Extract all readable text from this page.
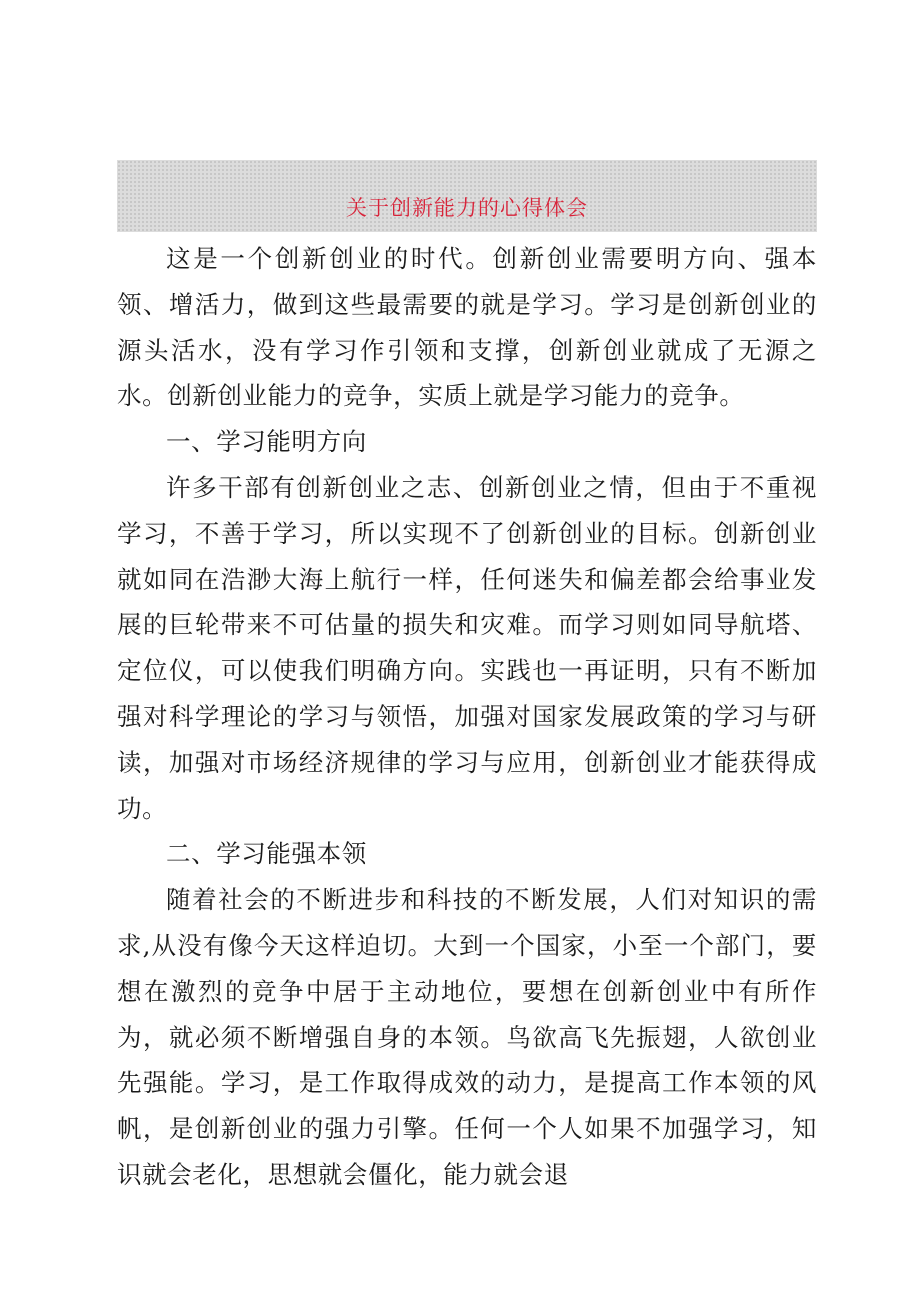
关于创新能力的心得体会

这是一个创新创业的时代。创新创业需要明方向、强本领、增活力，做到这些最需要的就是学习。学习是创新创业的源头活水，没有学习作引领和支撑，创新创业就成了无源之水。创新创业能力的竞争，实质上就是学习能力的竞争。

一、学习能明方向

许多干部有创新创业之志、创新创业之情，但由于不重视学习，不善于学习，所以实现不了创新创业的目标。创新创业就如同在浩渺大海上航行一样，任何迷失和偏差都会给事业发展的巨轮带来不可估量的损失和灾难。而学习则如同导航塔、定位仪，可以使我们明确方向。实践也一再证明，只有不断加强对科学理论的学习与领悟，加强对国家发展政策的学习与研读，加强对市场经济规律的学习与应用，创新创业才能获得成功。

二、学习能强本领

随着社会的不断进步和科技的不断发展，人们对知识的需求,从没有像今天这样迫切。大到一个国家，小至一个部门，要想在激烈的竞争中居于主动地位，要想在创新创业中有所作为，就必须不断增强自身的本领。鸟欲高飞先振翅，人欲创业先强能。学习，是工作取得成效的动力，是提高工作本领的风帆，是创新创业的强力引擎。任何一个人如果不加强学习，知识就会老化，思想就会僵化，能力就会退
